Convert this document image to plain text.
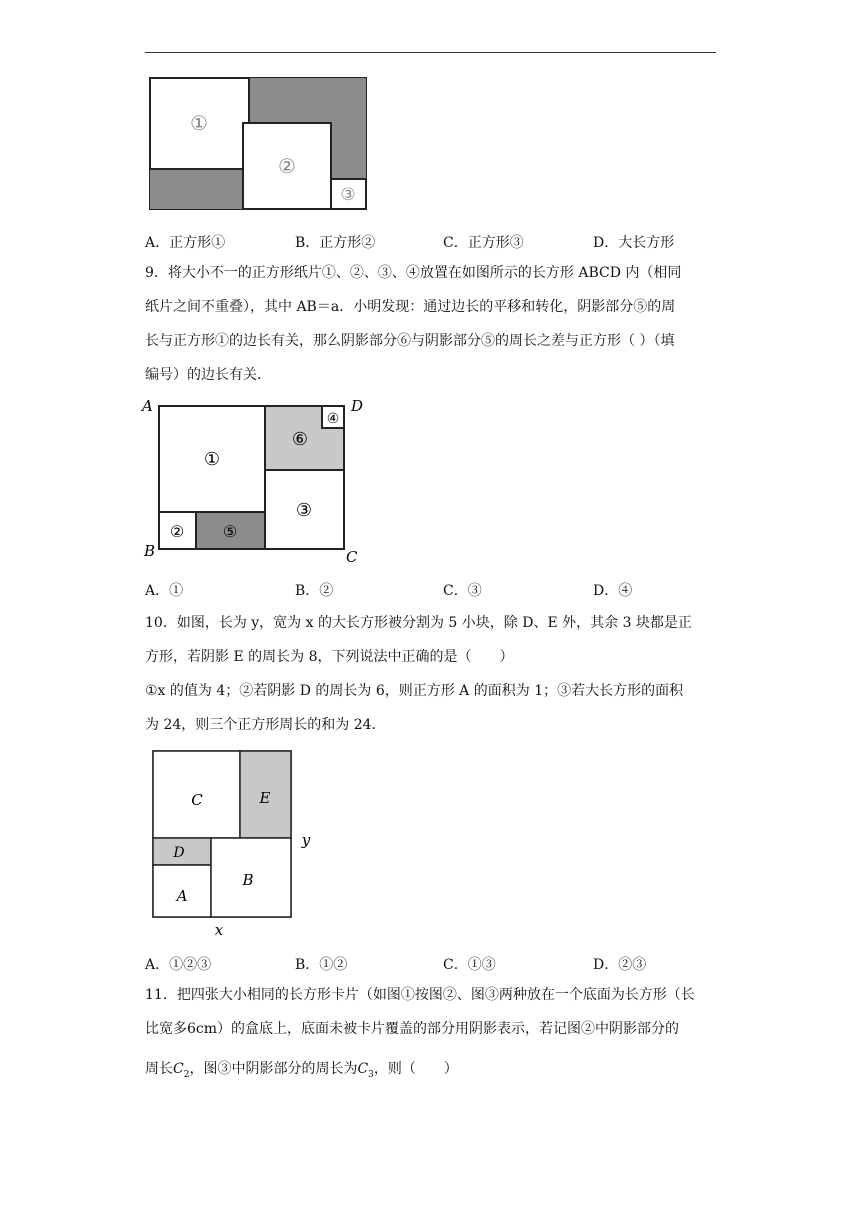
①
②
③
A．正方形①	B．正方形②	C．正方形③	D．大长方形
9．将大小不一的正方形纸片①、②、③、④放置在如图所示的长方形 ABCD 内（相同
纸片之间不重叠），其中 AB＝a．小明发现：通过边长的平移和转化，阴影部分⑤的周
长与正方形①的边长有关，那么阴影部分⑥与阴影部分⑤的周长之差与正方形（ ）（填
编号）的边长有关．
A	D
B	C
①
②
③
④
⑤
⑥
A．①	B．②	C．③	D．④
10．如图，长为 y，宽为 x 的大长方形被分割为 5 小块，除 D、E 外，其余 3 块都是正
方形，若阴影 E 的周长为 8，下列说法中正确的是（　　）
①x 的值为 4；②若阴影 D 的周长为 6，则正方形 A 的面积为 1；③若大长方形的面积
为 24，则三个正方形周长的和为 24．
C	E
D
A
B
y
x
A．①②③	B．①②	C．①③	D．②③
11．把四张大小相同的长方形卡片（如图①按图②、图③两种放在一个底面为长方形（长
比宽多6cm）的盒底上，底面未被卡片覆盖的部分用阴影表示，若记图②中阴影部分的
周长$C_2$，图③中阴影部分的周长为$C_3$，则（　　）
